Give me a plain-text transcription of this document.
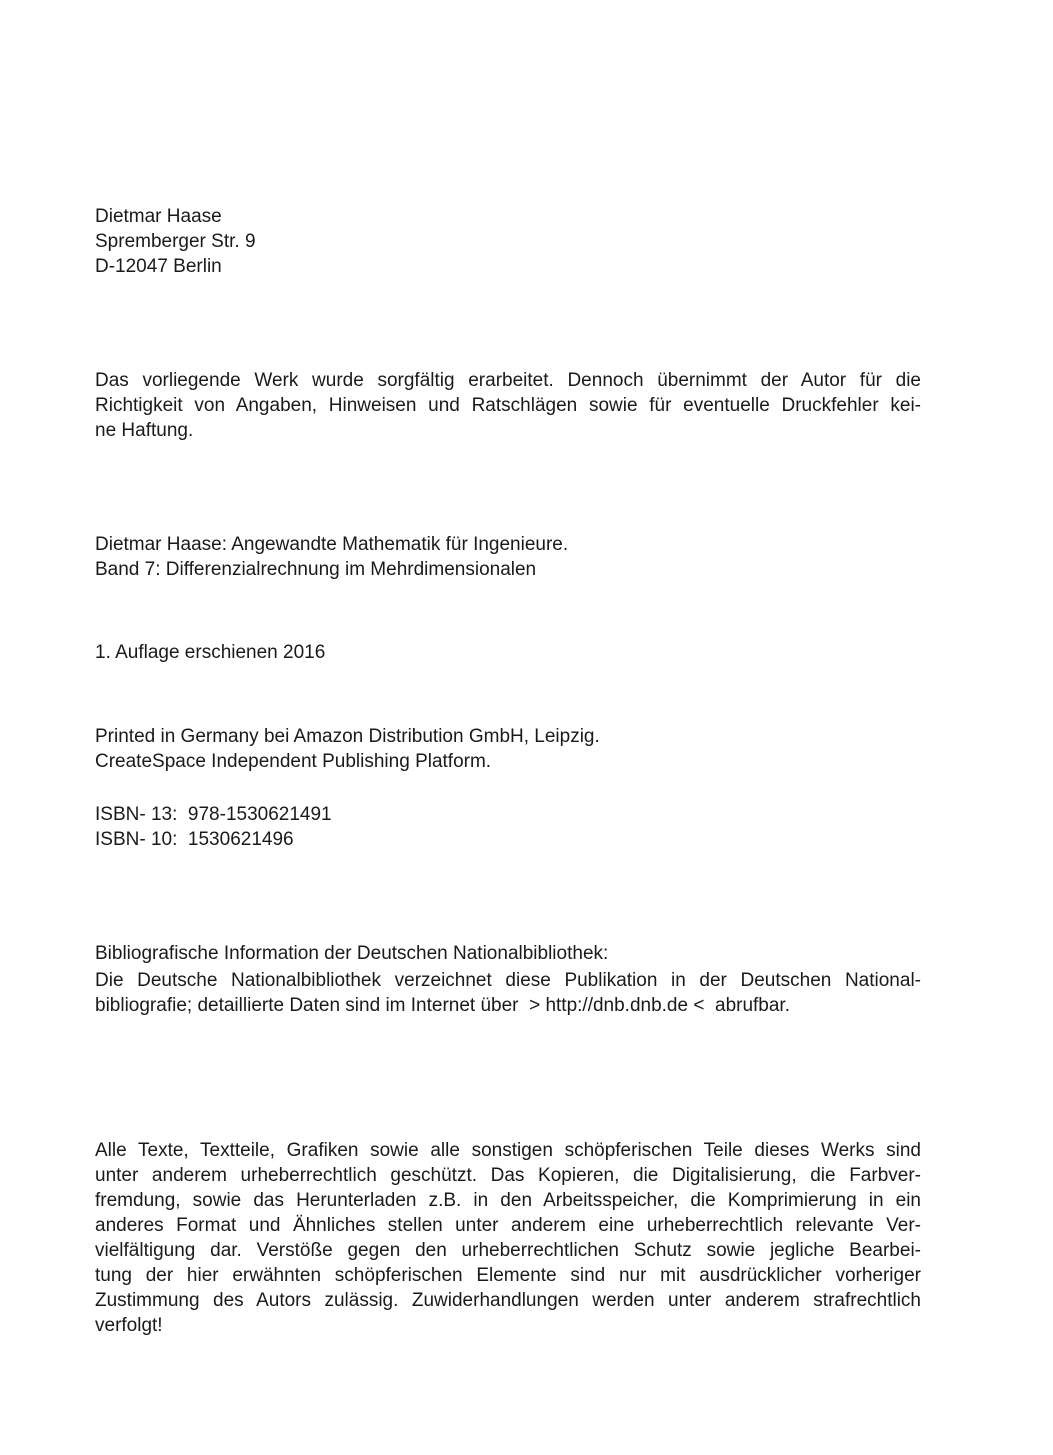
Dietmar Haase
Spremberger Str. 9
D-12047 Berlin
Das vorliegende Werk wurde sorgfältig erarbeitet. Dennoch übernimmt der Autor für die
Richtigkeit von Angaben, Hinweisen und Ratschlägen sowie für eventuelle Druckfehler kei-
ne Haftung.
Dietmar Haase: Angewandte Mathematik für Ingenieure.
Band 7: Differenzialrechnung im Mehrdimensionalen
1. Auflage erschienen 2016
Printed in Germany bei Amazon Distribution GmbH, Leipzig.
CreateSpace Independent Publishing Platform.
ISBN- 13:  978-1530621491
ISBN- 10:  1530621496
Bibliografische Information der Deutschen Nationalbibliothek:
Die Deutsche Nationalbibliothek verzeichnet diese Publikation in der Deutschen National-
bibliografie; detaillierte Daten sind im Internet über  > http://dnb.dnb.de <  abrufbar.
Alle Texte, Textteile, Grafiken sowie alle sonstigen schöpferischen Teile dieses Werks sind
unter anderem urheberrechtlich geschützt. Das Kopieren, die Digitalisierung, die Farbver-
fremdung, sowie das Herunterladen z.B. in den Arbeitsspeicher, die Komprimierung in ein
anderes Format und Ähnliches stellen unter anderem eine urheberrechtlich relevante Ver-
vielfältigung dar. Verstöße gegen den urheberrechtlichen Schutz sowie jegliche Bearbei-
tung der hier erwähnten schöpferischen Elemente sind nur mit ausdrücklicher vorheriger
Zustimmung des Autors zulässig. Zuwiderhandlungen werden unter anderem strafrechtlich
verfolgt!
